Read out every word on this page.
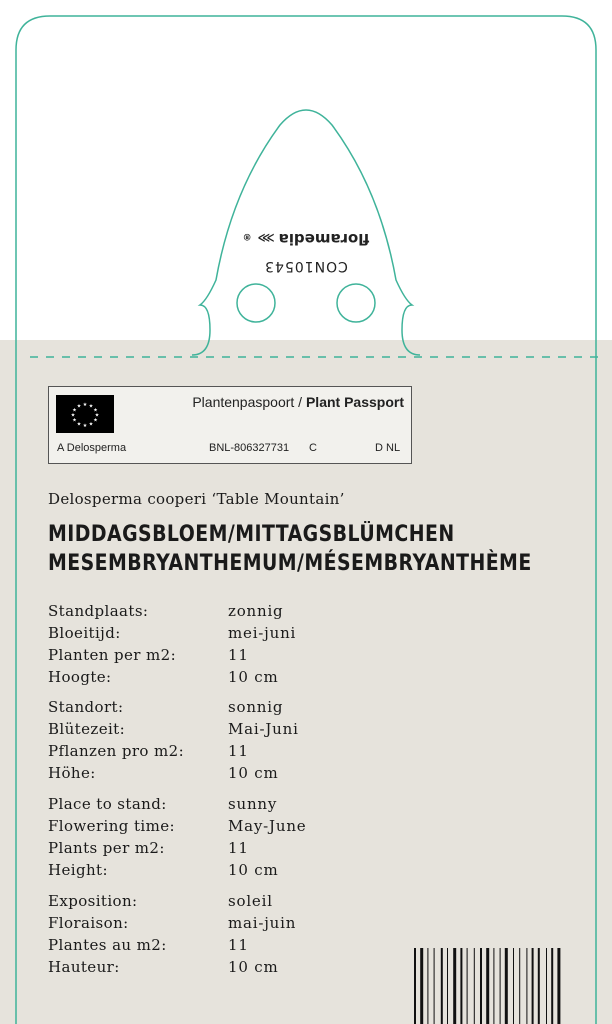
floramedia⋙®
CON10543
★ ★
★
★
★
★
★
★
★
★
★
★	Plantenpaspoort / Plant Passport
A Delosperma	BNL-806327731 C	D NL
Delosperma cooperi ‘Table Mountain’
MIDDAGSBLOEM/MITTAGSBLÜMCHEN
MESEMBRYANTHEMUM/MÉSEMBRYANTHÈME
Standplaats:	zonnig
Bloeitijd:	mei-juni
Planten per m2:	11
Hoogte:	10 cm
Standort:	sonnig
Blütezeit:	Mai-Juni
Pflanzen pro m2:	11
Höhe:	10 cm
Place to stand:	sunny
Flowering time:	May-June
Plants per m2:	11
Height:	10 cm
Exposition:	soleil
Floraison:	mai-juin
Plantes au m2:	11
Hauteur:	10 cm
